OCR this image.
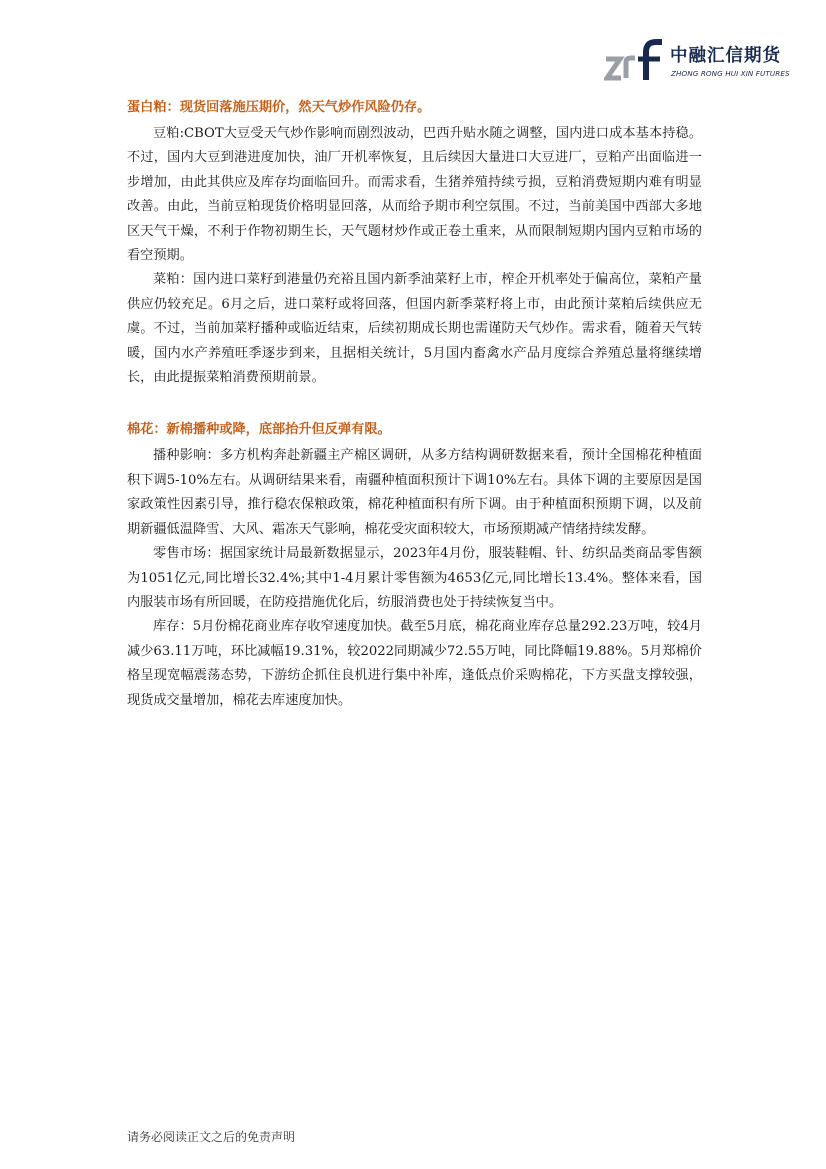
中融汇信期货
ZHONG RONG HUI XIN FUTURES
蛋白粕：现货回落施压期价，然天气炒作风险仍存。

豆粕:CBOT大豆受天气炒作影响而剧烈波动，巴西升贴水随之调整，国内进口成本基本持稳。不过，国内大豆到港进度加快，油厂开机率恢复，且后续因大量进口大豆进厂，豆粕产出面临进一步增加，由此其供应及库存均面临回升。而需求看，生猪养殖持续亏损，豆粕消费短期内难有明显改善。由此，当前豆粕现货价格明显回落，从而给予期市利空氛围。不过，当前美国中西部大多地区天气干燥，不利于作物初期生长，天气题材炒作或正卷土重来，从而限制短期内国内豆粕市场的看空预期。

菜粕：国内进口菜籽到港量仍充裕且国内新季油菜籽上市，榨企开机率处于偏高位，菜粕产量供应仍较充足。6月之后，进口菜籽或将回落，但国内新季菜籽将上市，由此预计菜粕后续供应无虞。不过，当前加菜籽播种或临近结束，后续初期成长期也需谨防天气炒作。需求看，随着天气转暖，国内水产养殖旺季逐步到来，且据相关统计，5月国内畜禽水产品月度综合养殖总量将继续增长，由此提振菜粕消费预期前景。

棉花：新棉播种或降，底部抬升但反弹有限。

播种影响：多方机构奔赴新疆主产棉区调研，从多方结构调研数据来看，预计全国棉花种植面积下调5-10%左右。从调研结果来看，南疆种植面积预计下调10%左右。具体下调的主要原因是国家政策性因素引导，推行稳农保粮政策，棉花种植面积有所下调。由于种植面积预期下调，以及前期新疆低温降雪、大风、霜冻天气影响，棉花受灾面积较大，市场预期减产情绪持续发酵。

零售市场：据国家统计局最新数据显示，2023年4月份，服装鞋帽、针、纺织品类商品零售额为1051亿元,同比增长32.4%;其中1-4月累计零售额为4653亿元,同比增长13.4%。整体来看，国内服装市场有所回暖，在防疫措施优化后，纺服消费也处于持续恢复当中。

库存：5月份棉花商业库存收窄速度加快。截至5月底，棉花商业库存总量292.23万吨，较4月减少63.11万吨，环比减幅19.31%，较2022同期减少72.55万吨，同比降幅19.88%。5月郑棉价格呈现宽幅震荡态势，下游纺企抓住良机进行集中补库，逢低点价采购棉花，下方买盘支撑较强，现货成交量增加，棉花去库速度加快。

请务必阅读正文之后的免责声明
